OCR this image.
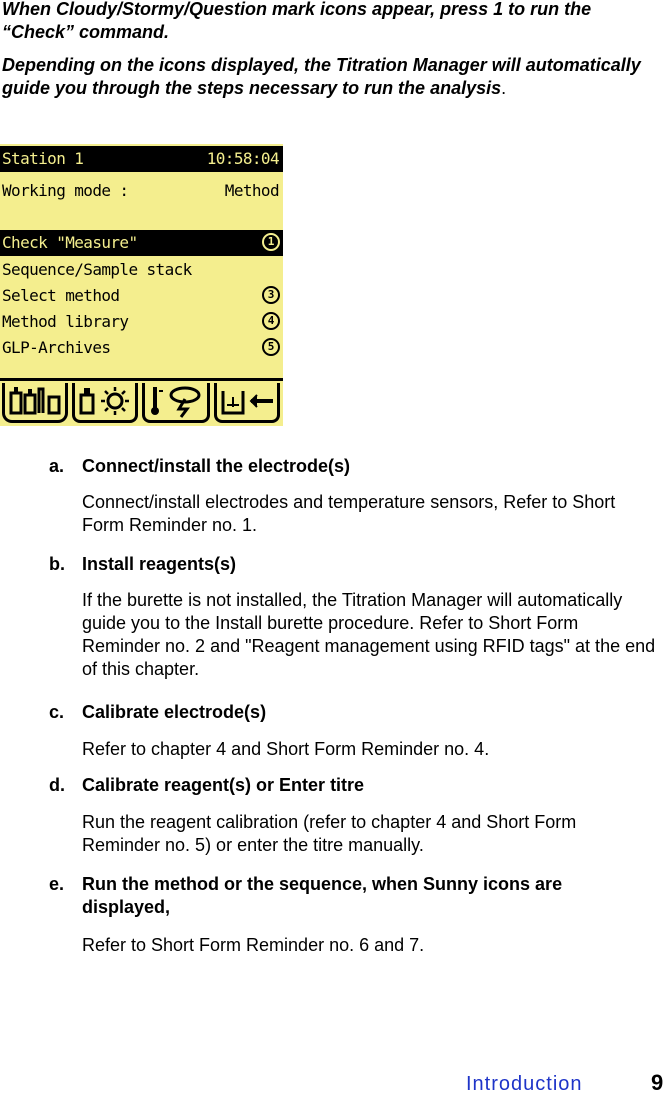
When Cloudy/Stormy/Question mark icons appear, press 1 to run the “Check” command.
Depending on the icons displayed, the Titration Manager will automatically guide you through the steps necessary to run the analysis.
Station 1	10:58:04
Working mode :	Method
Check "Measure"	1
Sequence/Sample stack
Select method	3
Method library	4
GLP-Archives	5
a. Connect/install the electrode(s)
Connect/install electrodes and temperature sensors, Refer to Short Form Reminder no. 1.
b. Install reagents(s)
If the burette is not installed, the Titration Manager will automatically guide you to the Install burette procedure. Refer to Short Form Reminder no. 2 and "Reagent management using RFID tags" at the end of this chapter.
c. Calibrate electrode(s)
Refer to chapter 4 and Short Form Reminder no. 4.
d. Calibrate reagent(s) or Enter titre
Run the reagent calibration (refer to chapter 4 and Short Form Reminder no. 5) or enter the titre manually.
e. Run the method or the sequence, when Sunny icons are displayed,
Refer to Short Form Reminder no. 6 and 7.
Introduction	9
